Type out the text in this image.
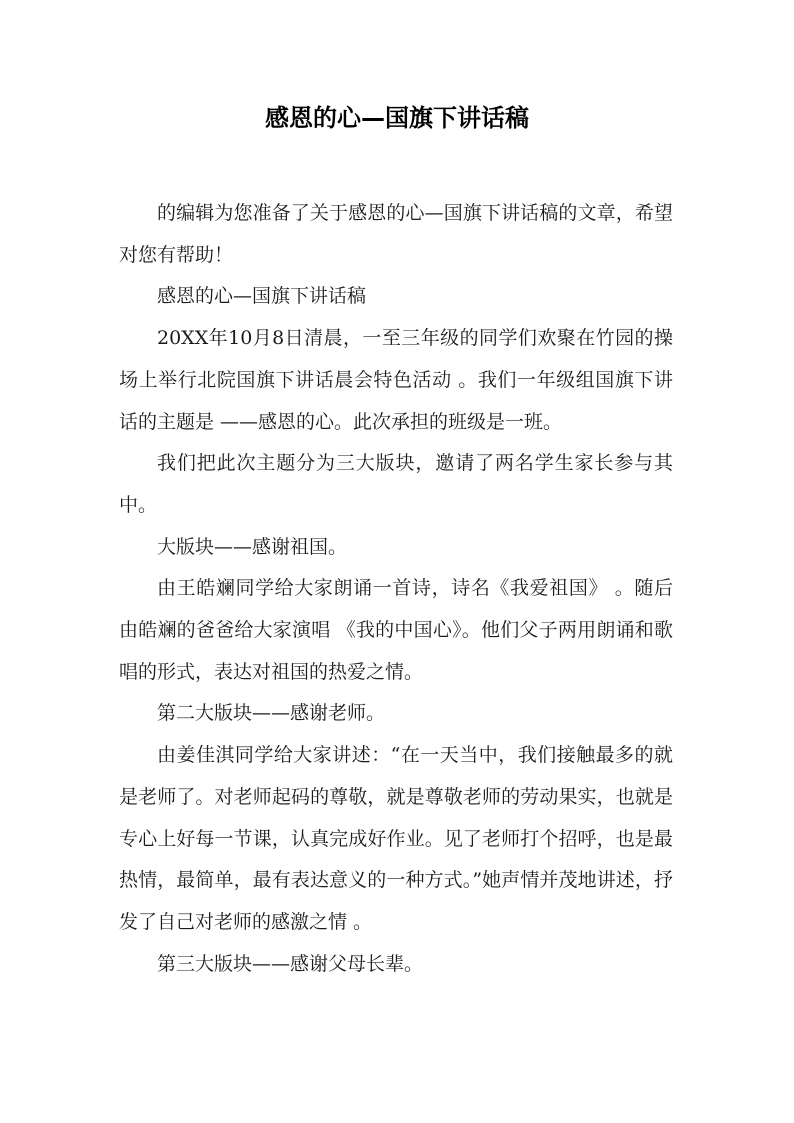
感恩的心—国旗下讲话稿

的编辑为您准备了关于感恩的心—国旗下讲话稿的文章，希望对您有帮助！

感恩的心—国旗下讲话稿

20XX年10月8日清晨，一至三年级的同学们欢聚在竹园的操场上举行北院国旗下讲话晨会特色活动 。我们一年级组国旗下讲话的主题是 ——感恩的心。此次承担的班级是一班。

我们把此次主题分为三大版块，邀请了两名学生家长参与其中。

大版块——感谢祖国。

由王皓斓同学给大家朗诵一首诗，诗名《我爱祖国》 。随后由皓斓的爸爸给大家演唱 《我的中国心》。他们父子两用朗诵和歌唱的形式，表达对祖国的热爱之情。

第二大版块——感谢老师。

由姜佳淇同学给大家讲述：“在一天当中，我们接触最多的就是老师了。对老师起码的尊敬，就是尊敬老师的劳动果实，也就是专心上好每一节课，认真完成好作业。见了老师打个招呼，也是最热情，最简单，最有表达意义的一种方式。”她声情并茂地讲述，抒发了自己对老师的感激之情 。

第三大版块——感谢父母长辈。
